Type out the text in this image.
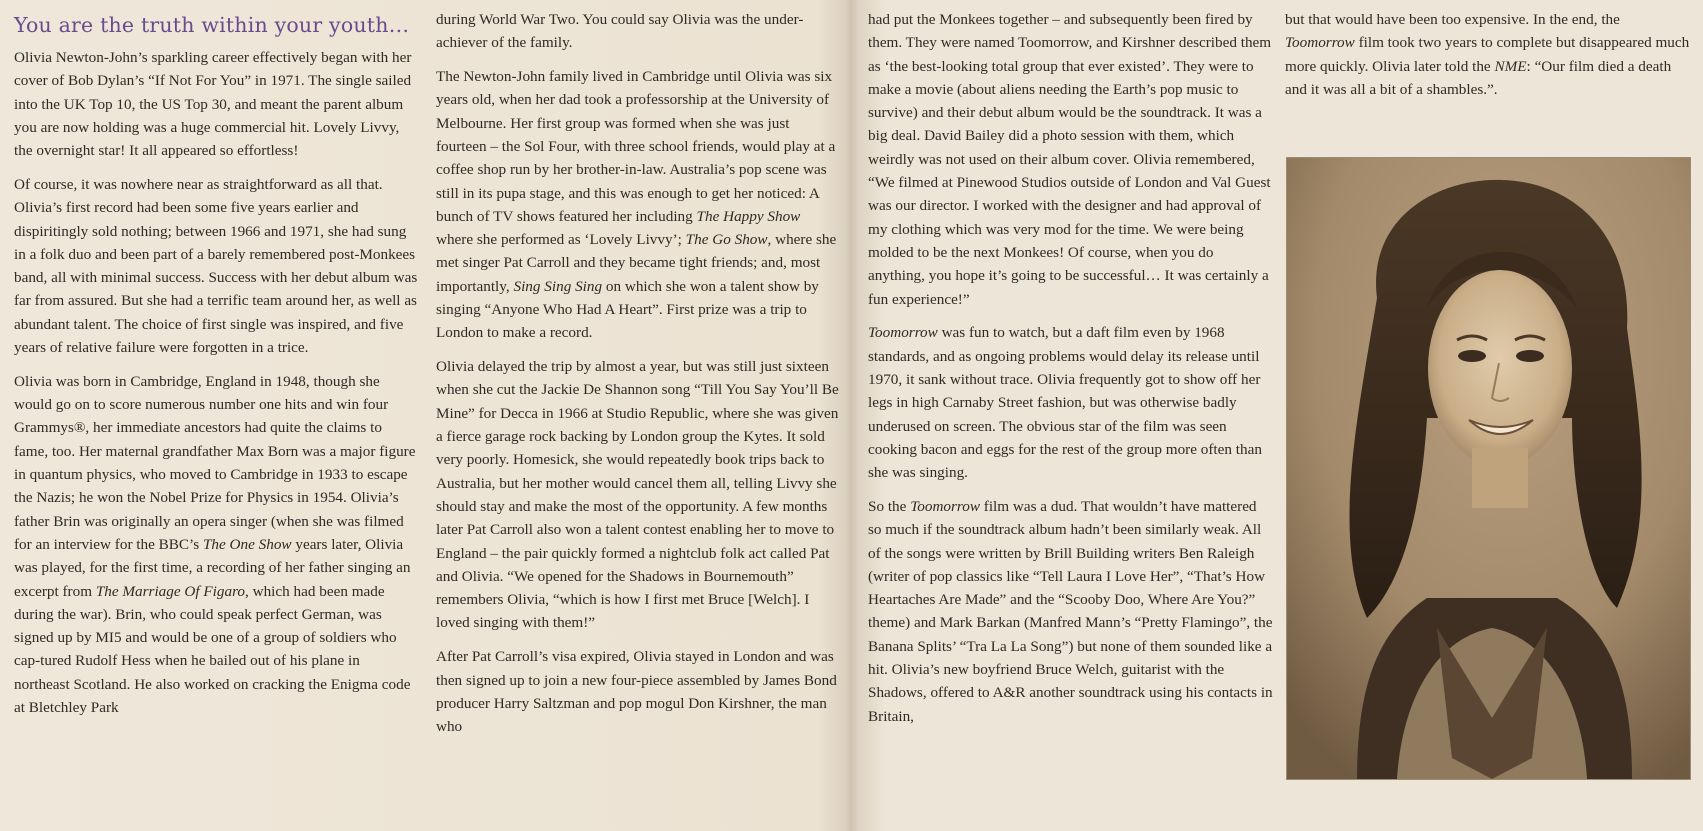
You are the truth within your youth…

Olivia Newton-John’s sparkling career effectively began with her cover of Bob Dylan’s “If Not For You” in 1971. The single sailed into the UK Top 10, the US Top 30, and meant the parent album you are now holding was a huge commercial hit. Lovely Livvy, the overnight star! It all appeared so effortless!

Of course, it was nowhere near as straightforward as all that. Olivia’s first record had been some five years earlier and dispiritingly sold nothing; between 1966 and 1971, she had sung in a folk duo and been part of a barely remembered post-Monkees band, all with minimal success. Success with her debut album was far from assured. But she had a terrific team around her, as well as abundant talent. The choice of first single was inspired, and five years of relative failure were forgotten in a trice.

Olivia was born in Cambridge, England in 1948, though she would go on to score numerous number one hits and win four Grammys®, her immediate ancestors had quite the claims to fame, too. Her maternal grandfather Max Born was a major figure in quantum physics, who moved to Cambridge in 1933 to escape the Nazis; he won the Nobel Prize for Physics in 1954. Olivia’s father Brin was originally an opera singer (when she was filmed for an interview for the BBC’s The One Show years later, Olivia was played, for the first time, a recording of her father singing an excerpt from The Marriage Of Figaro, which had been made during the war). Brin, who could speak perfect German, was signed up by MI5 and would be one of a group of soldiers who cap-tured Rudolf Hess when he bailed out of his plane in northeast Scotland. He also worked on cracking the Enigma code at Bletchley Park

during World War Two. You could say Olivia was the under-achiever of the family.

The Newton-John family lived in Cambridge until Olivia was six years old, when her dad took a professorship at the University of Melbourne. Her first group was formed when she was just fourteen – the Sol Four, with three school friends, would play at a coffee shop run by her brother-in-law. Australia’s pop scene was still in its pupa stage, and this was enough to get her noticed: A bunch of TV shows featured her including The Happy Show where she performed as ‘Lovely Livvy’; The Go Show, where she met singer Pat Carroll and they became tight friends; and, most importantly, Sing Sing Sing on which she won a talent show by singing “Anyone Who Had A Heart”. First prize was a trip to London to make a record.

Olivia delayed the trip by almost a year, but was still just sixteen when she cut the Jackie De Shannon song “Till You Say You’ll Be Mine” for Decca in 1966 at Studio Republic, where she was given a fierce garage rock backing by London group the Kytes. It sold very poorly. Homesick, she would repeatedly book trips back to Australia, but her mother would cancel them all, telling Livvy she should stay and make the most of the opportunity. A few months later Pat Carroll also won a talent contest enabling her to move to England – the pair quickly formed a nightclub folk act called Pat and Olivia. “We opened for the Shadows in Bournemouth” remembers Olivia, “which is how I first met Bruce [Welch]. I loved singing with them!”

After Pat Carroll’s visa expired, Olivia stayed in London and was then signed up to join a new four-piece assembled by James Bond producer Harry Saltzman and pop mogul Don Kirshner, the man who

had put the Monkees together – and subsequently been fired by them. They were named Toomorrow, and Kirshner described them as ‘the best-looking total group that ever existed’. They were to make a movie (about aliens needing the Earth’s pop music to survive) and their debut album would be the soundtrack. It was a big deal. David Bailey did a photo session with them, which weirdly was not used on their album cover. Olivia remembered, “We filmed at Pinewood Studios outside of London and Val Guest was our director. I worked with the designer and had approval of my clothing which was very mod for the time. We were being molded to be the next Monkees! Of course, when you do anything, you hope it’s going to be successful… It was certainly a fun experience!”

Toomorrow was fun to watch, but a daft film even by 1968 standards, and as ongoing problems would delay its release until 1970, it sank without trace. Olivia frequently got to show off her legs in high Carnaby Street fashion, but was otherwise badly underused on screen. The obvious star of the film was seen cooking bacon and eggs for the rest of the group more often than she was singing.

So the Toomorrow film was a dud. That wouldn’t have mattered so much if the soundtrack album hadn’t been similarly weak. All of the songs were written by Brill Building writers Ben Raleigh (writer of pop classics like “Tell Laura I Love Her”, “That’s How Heartaches Are Made” and the “Scooby Doo, Where Are You?” theme) and Mark Barkan (Manfred Mann’s “Pretty Flamingo”, the Banana Splits’ “Tra La La Song”) but none of them sounded like a hit. Olivia’s new boyfriend Bruce Welch, guitarist with the Shadows, offered to A&R another soundtrack using his contacts in Britain,

but that would have been too expensive. In the end, the Toomorrow film took two years to complete but disappeared much more quickly. Olivia later told the NME: “Our film died a death and it was all a bit of a shambles.”.
